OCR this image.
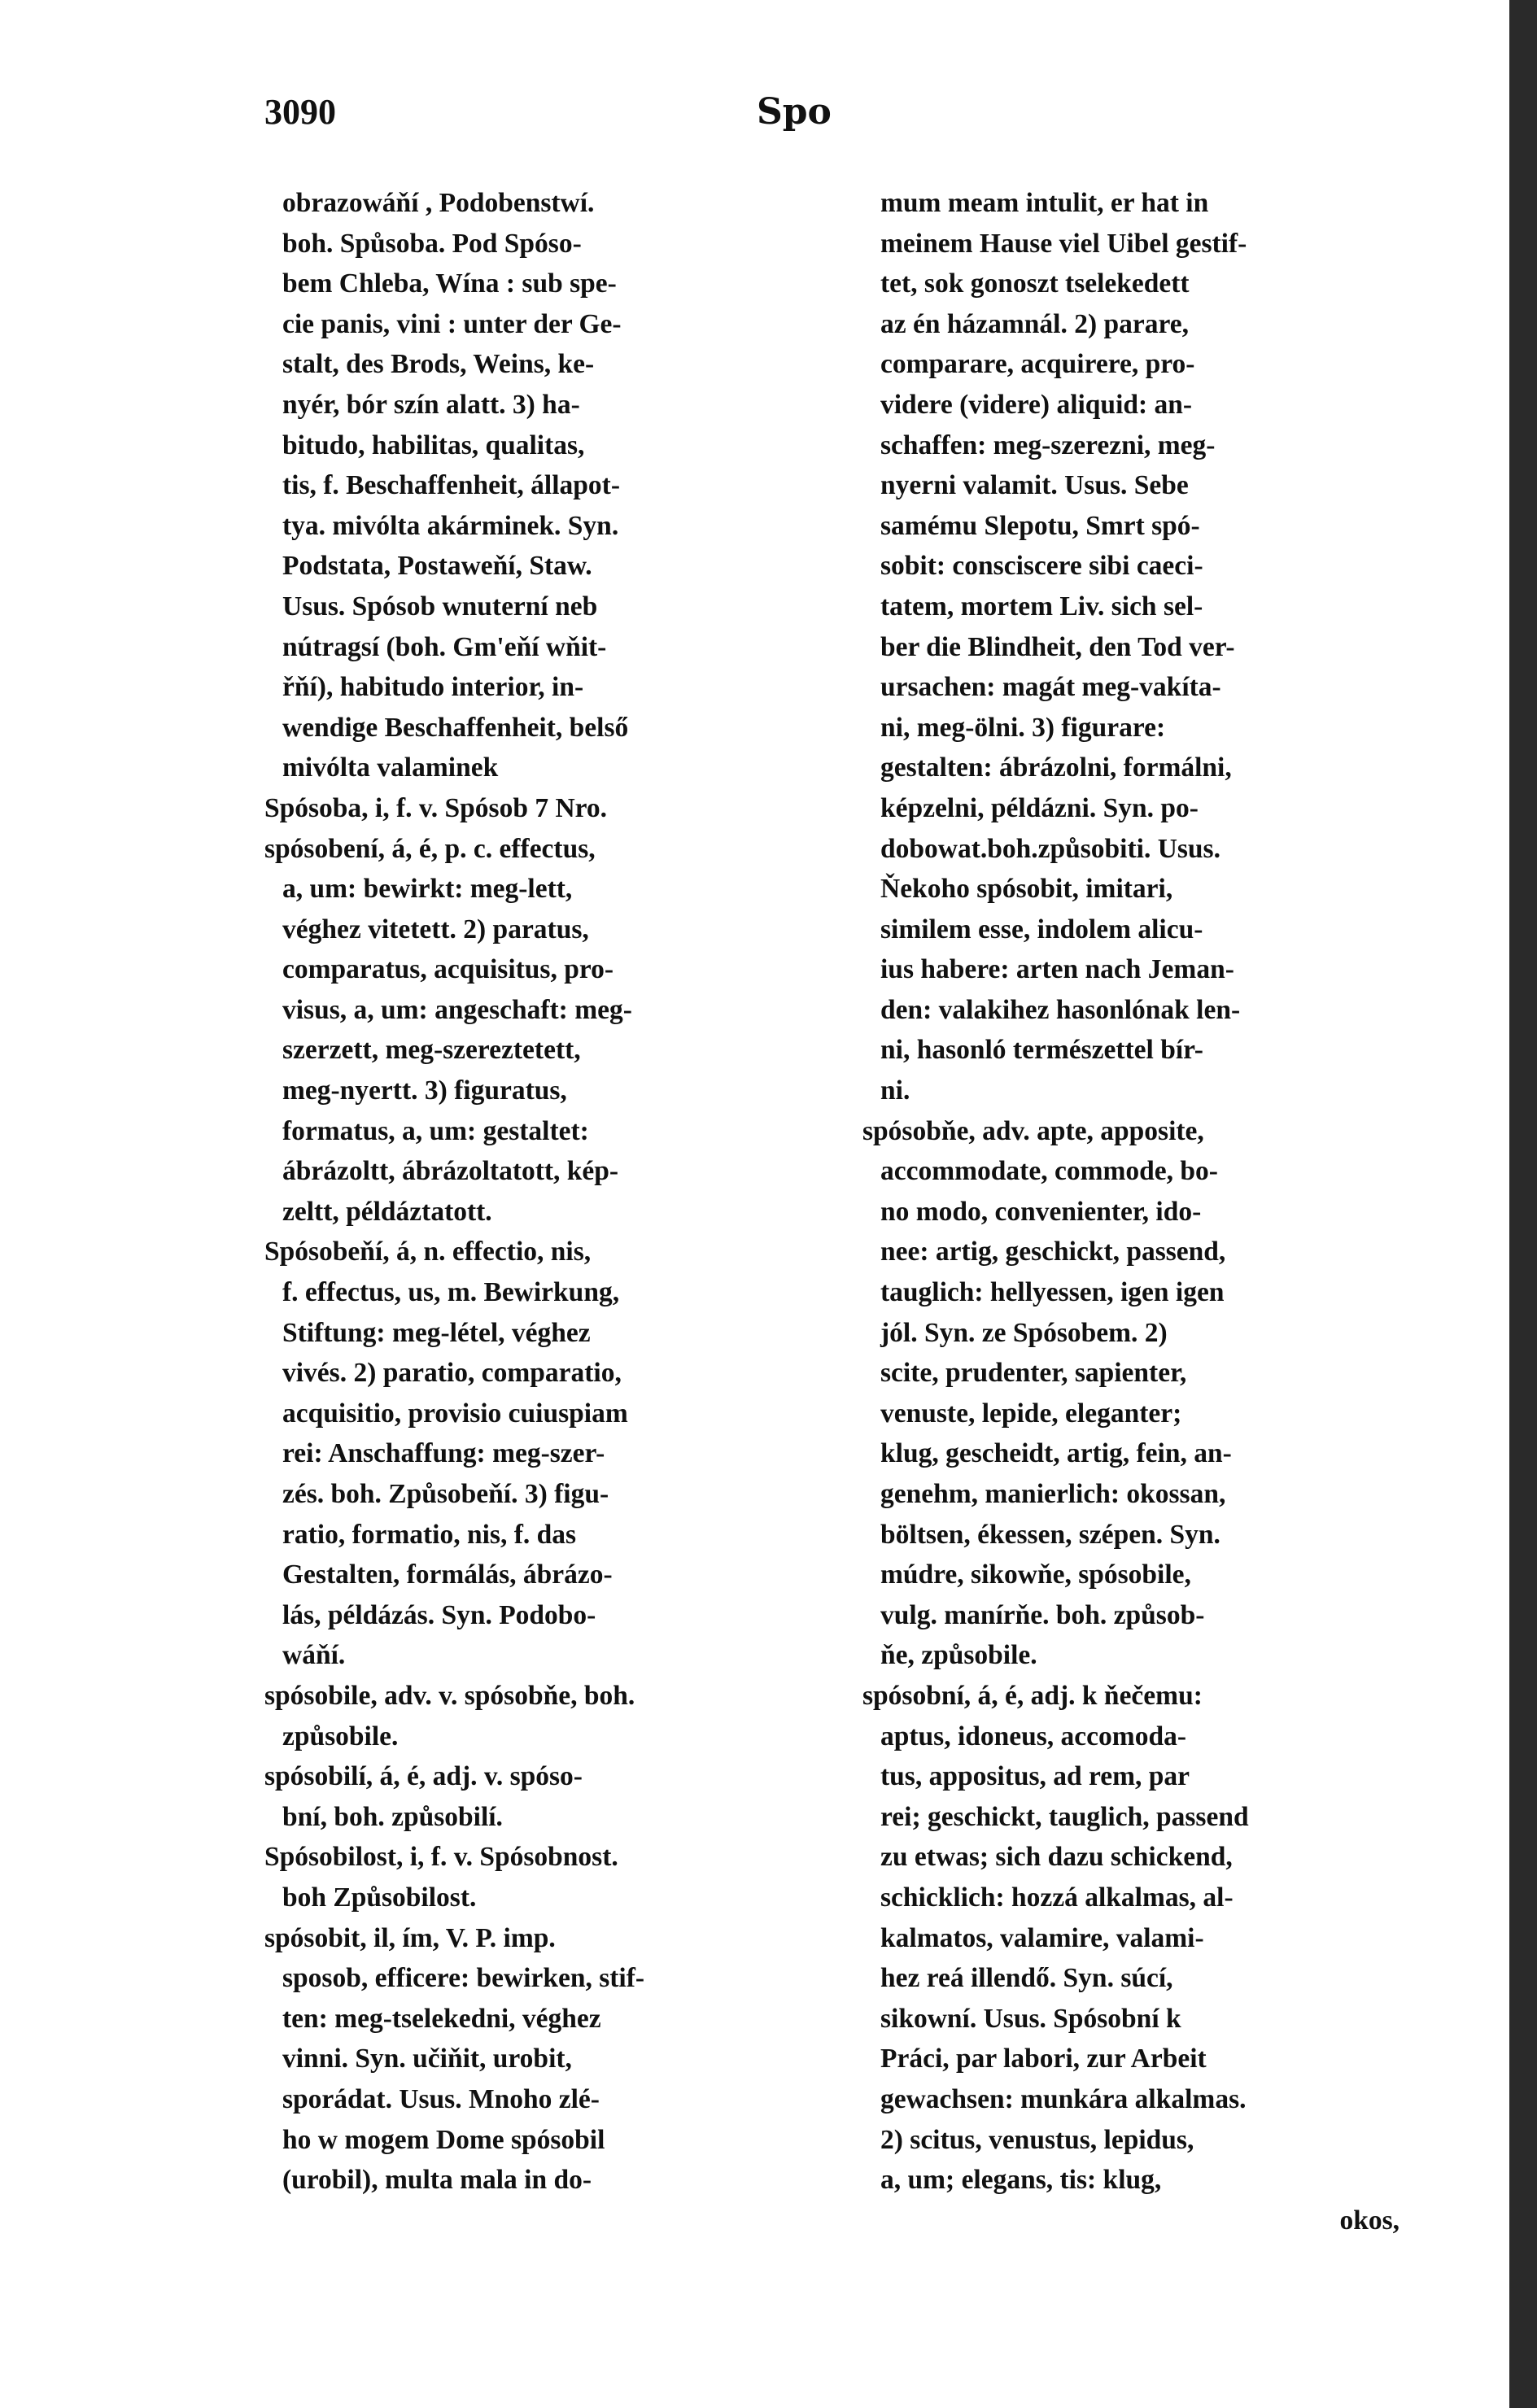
3090	Spo
obrazowáňí , Podobenstwí.
boh. Spůsoba. Pod Spóso-
bem Chleba, Wína : sub spe-
cie panis, vini : unter der Ge-
stalt, des Brods, Weins, ke-
nyér, bór szín alatt. 3) ha-
bitudo, habilitas, qualitas,
tis, f. Beschaffenheit, állapot-
tya. mivólta akárminek. Syn.
Podstata, Postaweňí, Staw.
Usus. Spósob wnuterní neb
nútragsí (boh. Gm'eňí wňit-
řňí), habitudo interior, in-
wendige Beschaffenheit, belső
mivólta valaminek
Spósoba, i, f. v. Spósob 7 Nro.
spósobení, á, é, p. c. effectus,
a, um: bewirkt: meg-lett,
véghez vitetett. 2) paratus,
comparatus, acquisitus, pro-
visus, a, um: angeschaft: meg-
szerzett, meg-szereztetett,
meg-nyertt. 3) figuratus,
formatus, a, um: gestaltet:
ábrázoltt, ábrázoltatott, kép-
zeltt, példáztatott.
Spósobeňí, á, n. effectio, nis,
f. effectus, us, m. Bewirkung,
Stiftung: meg-létel, véghez
vivés. 2) paratio, comparatio,
acquisitio, provisio cuiuspiam
rei: Anschaffung: meg-szer-
zés. boh. Způsobeňí. 3) figu-
ratio, formatio, nis, f. das
Gestalten, formálás, ábrázo-
lás, példázás. Syn. Podobo-
wáňí.
spósobile, adv. v. spósobňe, boh.
způsobile.
spósobilí, á, é, adj. v. spóso-
bní, boh. způsobilí.
Spósobilost, i, f. v. Spósobnost.
boh Způsobilost.
spósobit, il, ím, V. P. imp.
sposob, efficere: bewirken, stif-
ten: meg-tselekedni, véghez
vinni. Syn. učiňit, urobit,
sporádat. Usus. Mnoho zlé-
ho w mogem Dome spósobil
(urobil), multa mala in do-
mum meam intulit, er hat in
meinem Hause viel Uibel gestif-
tet, sok gonoszt tselekedett
az én házamnál. 2) parare,
comparare, acquirere, pro-
videre (videre) aliquid: an-
schaffen: meg-szerezni, meg-
nyerni valamit. Usus. Sebe
samému Slepotu, Smrt spó-
sobit: consciscere sibi caeci-
tatem, mortem Liv. sich sel-
ber die Blindheit, den Tod ver-
ursachen: magát meg-vakíta-
ni, meg-ölni. 3) figurare:
gestalten: ábrázolni, formálni,
képzelni, példázni. Syn. po-
dobowat.boh.způsobiti. Usus.
Ňekoho spósobit, imitari,
similem esse, indolem alicu-
ius habere: arten nach Jeman-
den: valakihez hasonlónak len-
ni, hasonló természettel bír-
ni.
spósobňe, adv. apte, apposite,
accommodate, commode, bo-
no modo, convenienter, ido-
nee: artig, geschickt, passend,
tauglich: hellyessen, igen igen
jól. Syn. ze Spósobem. 2)
scite, prudenter, sapienter,
venuste, lepide, eleganter;
klug, gescheidt, artig, fein, an-
genehm, manierlich: okossan,
böltsen, ékessen, szépen. Syn.
múdre, sikowňe, spósobile,
vulg. manírňe. boh. způsob-
ňe, způsobile.
spósobní, á, é, adj. k ňečemu:
aptus, idoneus, accomoda-
tus, appositus, ad rem, par
rei; geschickt, tauglich, passend
zu etwas; sich dazu schickend,
schicklich: hozzá alkalmas, al-
kalmatos, valamire, valami-
hez reá illendő. Syn. súcí,
sikowní. Usus. Spósobní k
Práci, par labori, zur Arbeit
gewachsen: munkára alkalmas.
2) scitus, venustus, lepidus,
a, um; elegans, tis: klug,
okos,
